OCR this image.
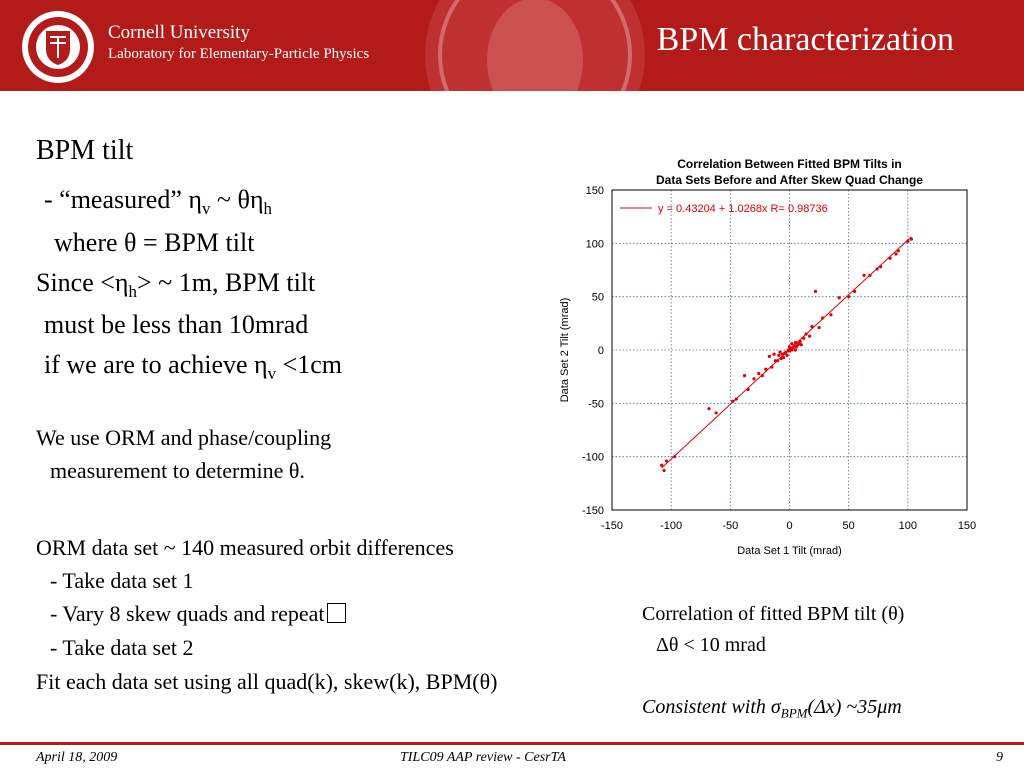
Cornell University
Laboratory for Elementary-Particle Physics	BPM characterization
BPM tilt
- “measured” $\eta_v$ ~ $\theta\eta_h$
where θ = BPM tilt
Since $<\eta_h>$ ~ 1m, BPM tilt
must be less than 10mrad
if we are to achieve $\eta_v <1cm$
We use ORM and phase/coupling
measurement to determine θ.
ORM data set ~ 140 measured orbit differences
- Take data set 1
- Vary 8 skew quads and repeat
- Take data set 2
Fit each data set using all quad(k), skew(k), BPM(θ)
Correlation Between Fitted BPM Tilts in
Data Sets Before and After Skew Quad Change
-150	-100	-50	0	50	100	150
-150
-100
-50
0
50
100
150
Data Set 1 Tilt (mrad)
Data Set 2 Tilt (mrad)
y = 0.43204 + 1.0268x R= 0.98736
Correlation of fitted BPM tilt (θ)
Δθ < 10 mrad
Consistent with $\sigma_{BPM}(\Delta x)$ ~35μm
April 18, 2009	TILC09 AAP review - CesrTA	9
